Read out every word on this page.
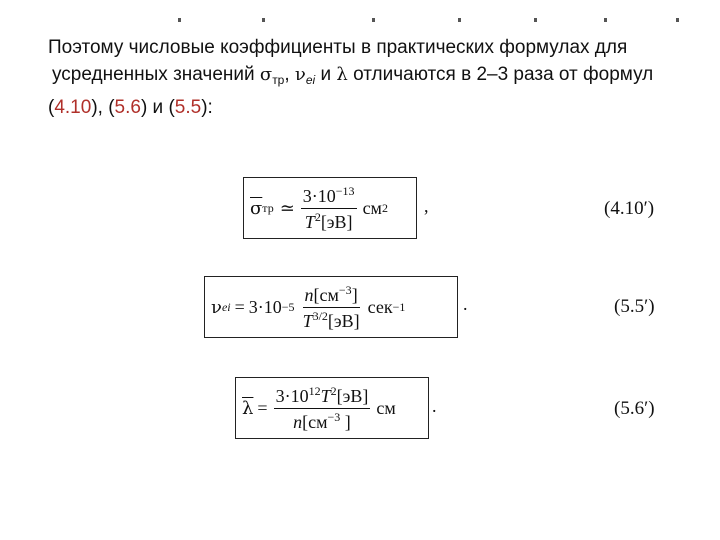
Поэтому числовые коэффициенты в практических формулах для
усредненных значений $\sigma_{тр}$, $\nu_{ei}$ и λ отличаются в 2–3 раза от формул
(4.10), (5.6) и (5.5):
$\overline{\sigma}$ тр ≃ $\frac{3\cdot 10^{-13}}{T^2[эВ]}$ см 2 ,	(4.10′)
ν ei = $3\cdot 10 -5 \frac{n[см^{-3}]}{T^{3/2}[эВ]}$ сек −1	.	(5.5′)
$\overline{\lambda} = \frac{3\cdot 10^{12}T^2[эВ]}{n[см^{-3} ]}$ см .	(5.6′)
